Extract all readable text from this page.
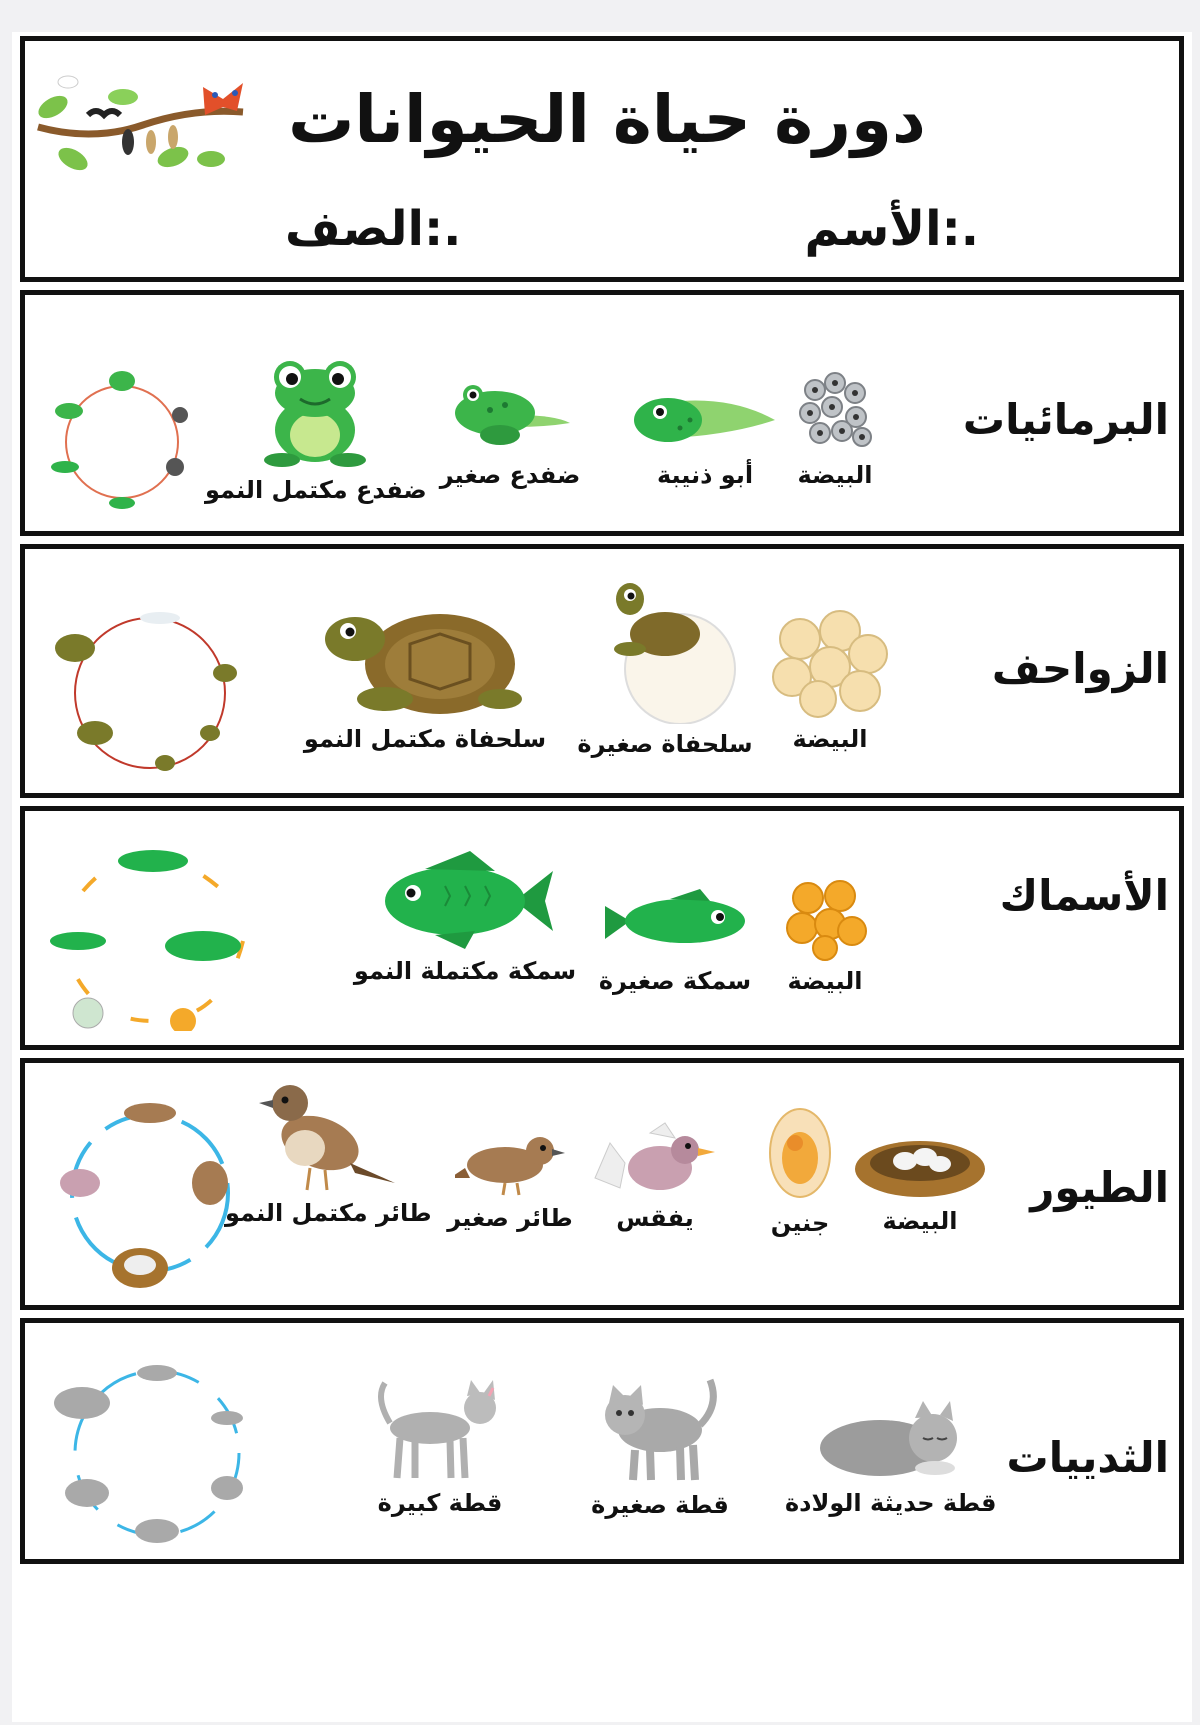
دورة حياة الحيوانات
الأسم:.
الصف:.
البرمائيات
البيضة
أبو ذنيبة
ضفدع صغير
ضفدع مكتمل النمو
الزواحف
البيضة
سلحفاة صغيرة
سلحفاة مكتمل النمو
الأسماك
البيضة
سمكة صغيرة
سمكة مكتملة النمو
الطيور
البيضة
جنين
يفقس
طائر صغير
طائر مكتمل النمو
الثدييات
قطة حديثة الولادة
قطة صغيرة
قطة كبيرة
